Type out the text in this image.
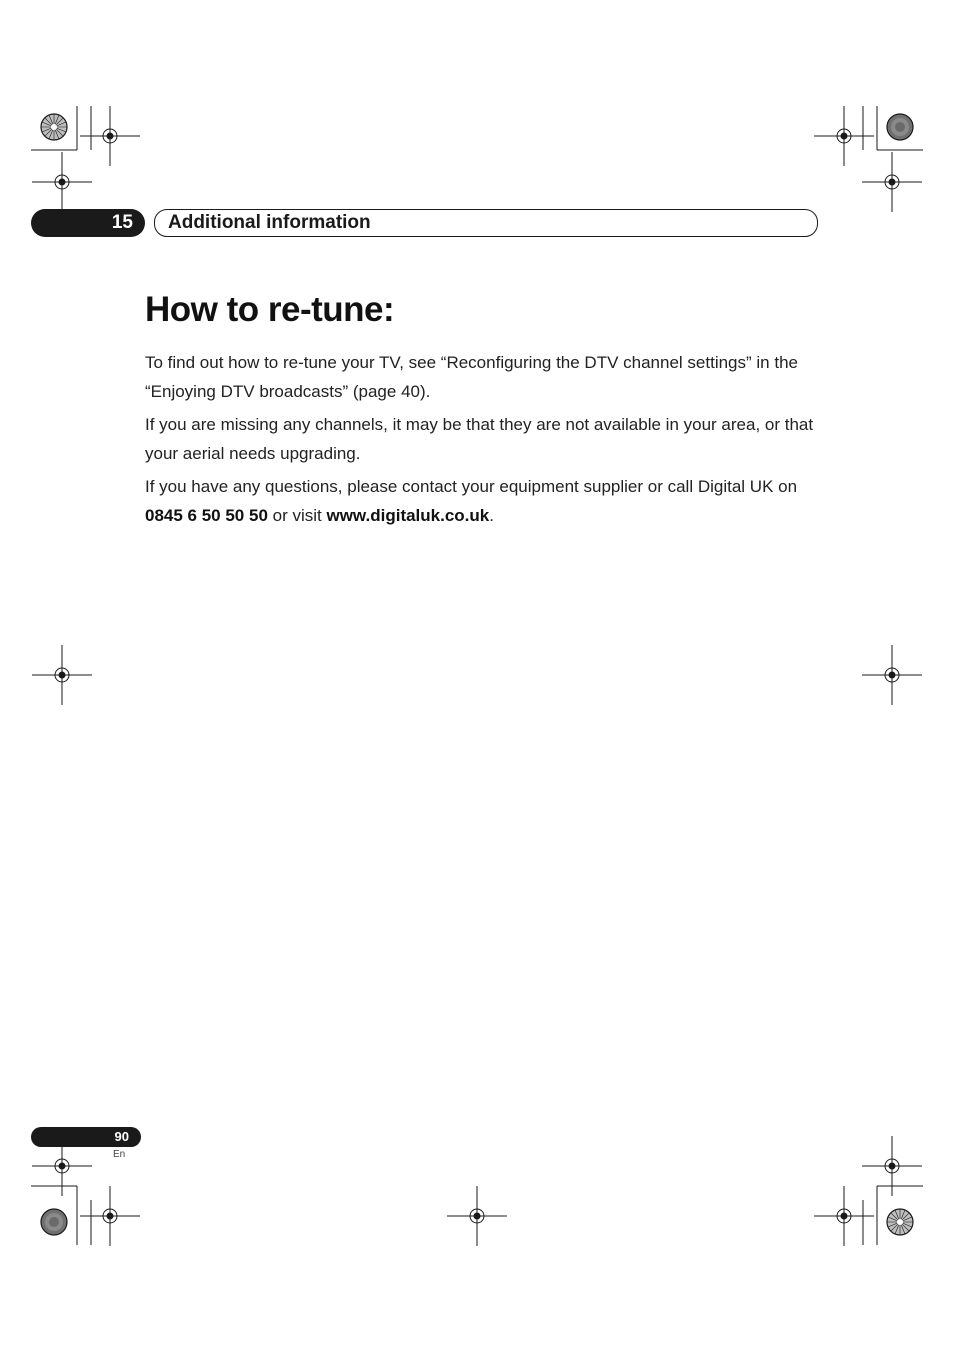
15 Additional information
How to re-tune:

To find out how to re-tune your TV, see “Reconfiguring the DTV channel settings” in the “Enjoying DTV broadcasts” (page 40).

If you are missing any channels, it may be that they are not available in your area, or that your aerial needs upgrading.

If you have any questions, please contact your equipment supplier or call Digital UK on 0845 6 50 50 50 or visit www.digitaluk.co.uk.

90
En
